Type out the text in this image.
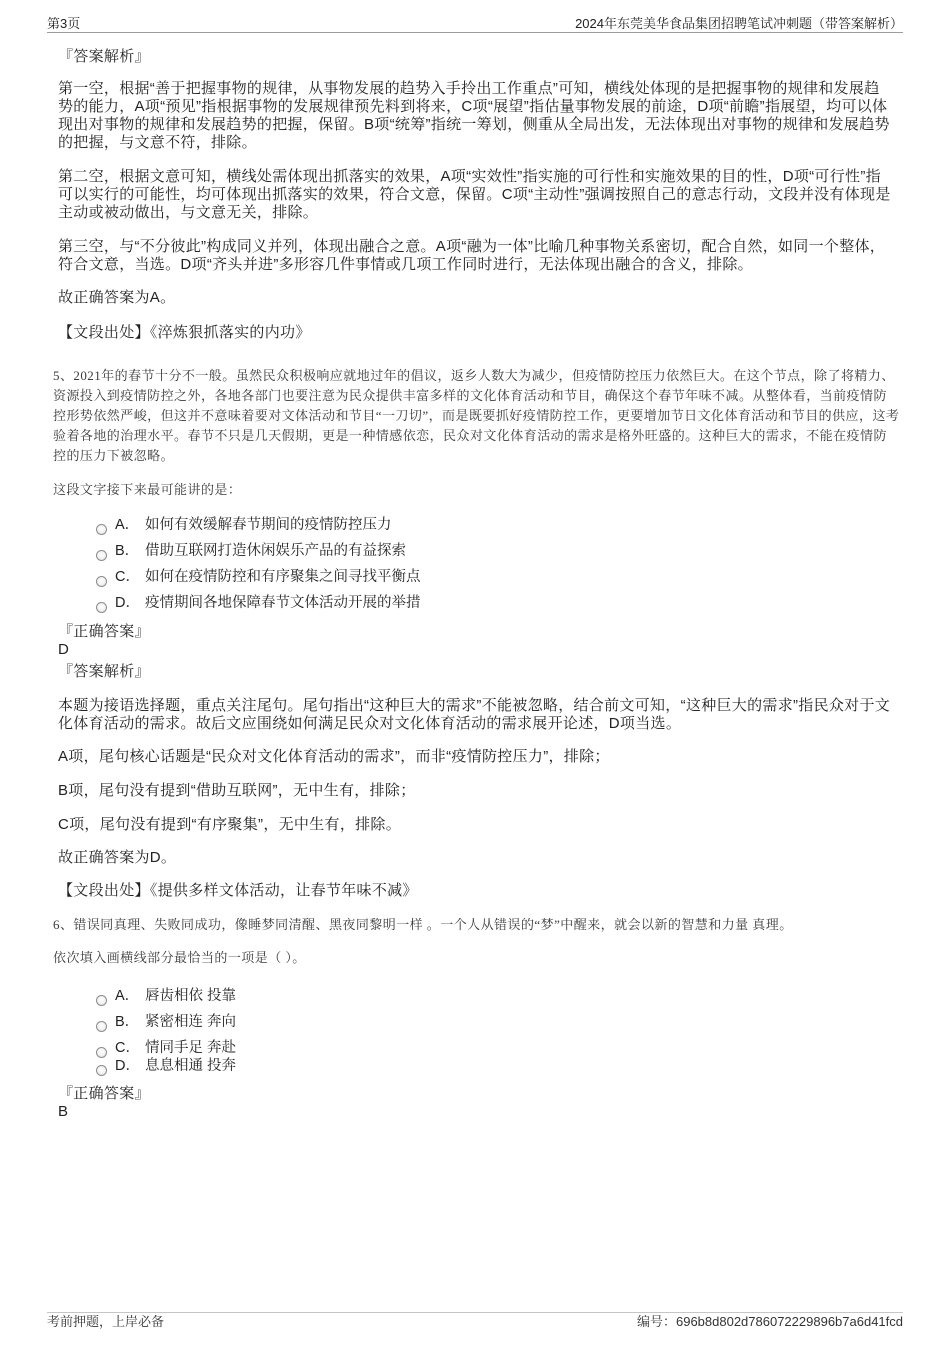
第3页	2024年东莞美华食品集团招聘笔试冲刺题（带答案解析）
『答案解析』
第一空，根据“善于把握事物的规律，从事物发展的趋势入手拎出工作重点”可知，横线处体现的是把握事物的规律和发展趋
势的能力，A项“预见”指根据事物的发展规律预先料到将来，C项“展望”指估量事物发展的前途，D项“前瞻”指展望，均可以体
现出对事物的规律和发展趋势的把握，保留。B项“统筹”指统一筹划，侧重从全局出发，无法体现出对事物的规律和发展趋势
的把握，与文意不符，排除。
第二空，根据文意可知，横线处需体现出抓落实的效果，A项“实效性”指实施的可行性和实施效果的目的性，D项“可行性”指
可以实行的可能性，均可体现出抓落实的效果，符合文意，保留。C项“主动性”强调按照自己的意志行动，文段并没有体现是
主动或被动做出，与文意无关，排除。
第三空，与“不分彼此”构成同义并列，体现出融合之意。A项“融为一体”比喻几种事物关系密切，配合自然，如同一个整体，
符合文意，当选。D项“齐头并进”多形容几件事情或几项工作同时进行，无法体现出融合的含义，排除。
故正确答案为A。
【文段出处】《淬炼狠抓落实的内功》
5、2021年的春节十分不一般。虽然民众积极响应就地过年的倡议，返乡人数大为减少，但疫情防控压力依然巨大。在这个节点，除了将精力、
资源投入到疫情防控之外，各地各部门也要注意为民众提供丰富多样的文化体育活动和节目，确保这个春节年味不减。从整体看，当前疫情防
控形势依然严峻，但这并不意味着要对文体活动和节目“一刀切”，而是既要抓好疫情防控工作，更要增加节日文化体育活动和节目的供应，这考
验着各地的治理水平。春节不只是几天假期，更是一种情感依恋，民众对文化体育活动的需求是格外旺盛的。这种巨大的需求，不能在疫情防
控的压力下被忽略。
这段文字接下来最可能讲的是：
A． 如何有效缓解春节期间的疫情防控压力
B． 借助互联网打造休闲娱乐产品的有益探索
C． 如何在疫情防控和有序聚集之间寻找平衡点
D． 疫情期间各地保障春节文体活动开展的举措
『正确答案』
D
『答案解析』
本题为接语选择题，重点关注尾句。尾句指出“这种巨大的需求”不能被忽略，结合前文可知，“这种巨大的需求”指民众对于文
化体育活动的需求。故后文应围绕如何满足民众对文化体育活动的需求展开论述，D项当选。
A项，尾句核心话题是“民众对文化体育活动的需求”，而非“疫情防控压力”，排除；
B项，尾句没有提到“借助互联网”，无中生有，排除；
C项，尾句没有提到“有序聚集”，无中生有，排除。
故正确答案为D。
【文段出处】《提供多样文体活动，让春节年味不减》
6、错误同真理、失败同成功，像睡梦同清醒、黑夜同黎明一样 。一个人从错误的“梦”中醒来，就会以新的智慧和力量 真理。
依次填入画横线部分最恰当的一项是（ ）。
A． 唇齿相依 投靠
B． 紧密相连 奔向
C． 情同手足 奔赴
D． 息息相通 投奔
『正确答案』
B
考前押题，上岸必备	编号：696b8d802d786072229896b7a6d41fcd
